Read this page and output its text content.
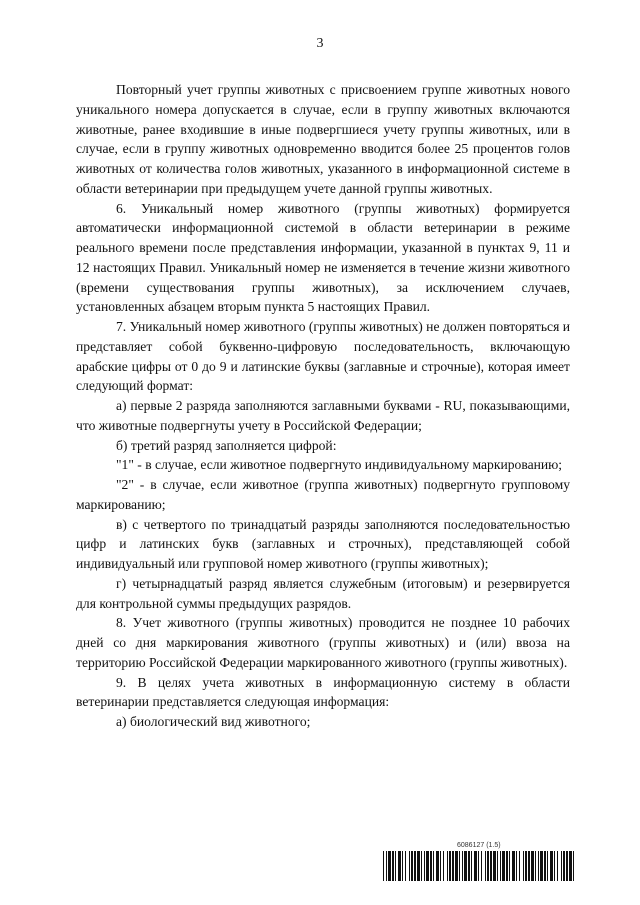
3

Повторный учет группы животных с присвоением группе животных нового уникального номера допускается в случае, если в группу животных включаются животные, ранее входившие в иные подвергшиеся учету группы животных, или в случае, если в группу животных одновременно вводится более 25 процентов голов животных от количества голов животных, указанного в информационной системе в области ветеринарии при предыдущем учете данной группы животных.

6. Уникальный номер животного (группы животных) формируется автоматически информационной системой в области ветеринарии в режиме реального времени после представления информации, указанной в пунктах 9, 11 и 12 настоящих Правил. Уникальный номер не изменяется в течение жизни животного (времени существования группы животных), за исключением случаев, установленных абзацем вторым пункта 5 настоящих Правил.

7. Уникальный номер животного (группы животных) не должен повторяться и представляет собой буквенно-цифровую последовательность, включающую арабские цифры от 0 до 9 и латинские буквы (заглавные и строчные), которая имеет следующий формат:

а) первые 2 разряда заполняются заглавными буквами - RU, показывающими, что животные подвергнуты учету в Российской Федерации;

б) третий разряд заполняется цифрой:

"1" - в случае, если животное подвергнуто индивидуальному маркированию;

"2" - в случае, если животное (группа животных) подвергнуто групповому маркированию;

в) с четвертого по тринадцатый разряды заполняются последовательностью цифр и латинских букв (заглавных и строчных), представляющей собой индивидуальный или групповой номер животного (группы животных);

г) четырнадцатый разряд является служебным (итоговым) и резервируется для контрольной суммы предыдущих разрядов.

8. Учет животного (группы животных) проводится не позднее 10 рабочих дней со дня маркирования животного (группы животных) и (или) ввоза на территорию Российской Федерации маркированного животного (группы животных).

9. В целях учета животных в информационную систему в области ветеринарии представляется следующая информация:

а) биологический вид животного;

6086127 (1.5)
